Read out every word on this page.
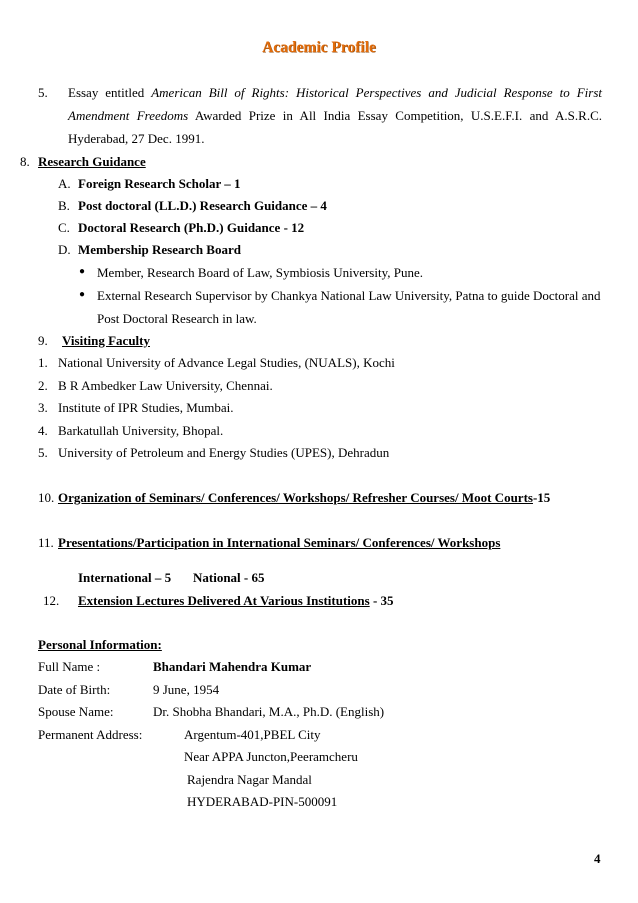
Academic Profile
5. Essay entitled American Bill of Rights: Historical Perspectives and Judicial Response to First
Amendment Freedoms Awarded Prize in All India Essay Competition, U.S.E.F.I. and A.S.R.C.
Hyderabad, 27 Dec. 1991.
8. Research Guidance
A. Foreign Research Scholar – 1
B. Post doctoral (LL.D.) Research Guidance – 4
C. Doctoral Research (Ph.D.) Guidance - 12
D. Membership Research Board
● Member, Research Board of Law, Symbiosis University, Pune.
● External Research Supervisor by Chankya National Law University, Patna to guide Doctoral and
Post Doctoral Research in law.
9. Visiting Faculty
1. National University of Advance Legal Studies, (NUALS), Kochi
2. B R Ambedker Law University, Chennai.
3. Institute of IPR Studies, Mumbai.
4. Barkatullah University, Bhopal.
5. University of Petroleum and Energy Studies (UPES), Dehradun
10. Organization of Seminars/ Conferences/ Workshops/ Refresher Courses/ Moot Courts-15
11. Presentations/Participation in International Seminars/ Conferences/ Workshops
International – 5 National - 65
12. Extension Lectures Delivered At Various Institutions - 35
Personal Information:
Full Name :	Bhandari Mahendra Kumar
Date of Birth:	9 June, 1954
Spouse Name:	Dr. Shobha Bhandari, M.A., Ph.D. (English)
Permanent Address:	Argentum-401,PBEL City
Near APPA Juncton,Peeramcheru
Rajendra Nagar Mandal
HYDERABAD-PIN-500091
4
